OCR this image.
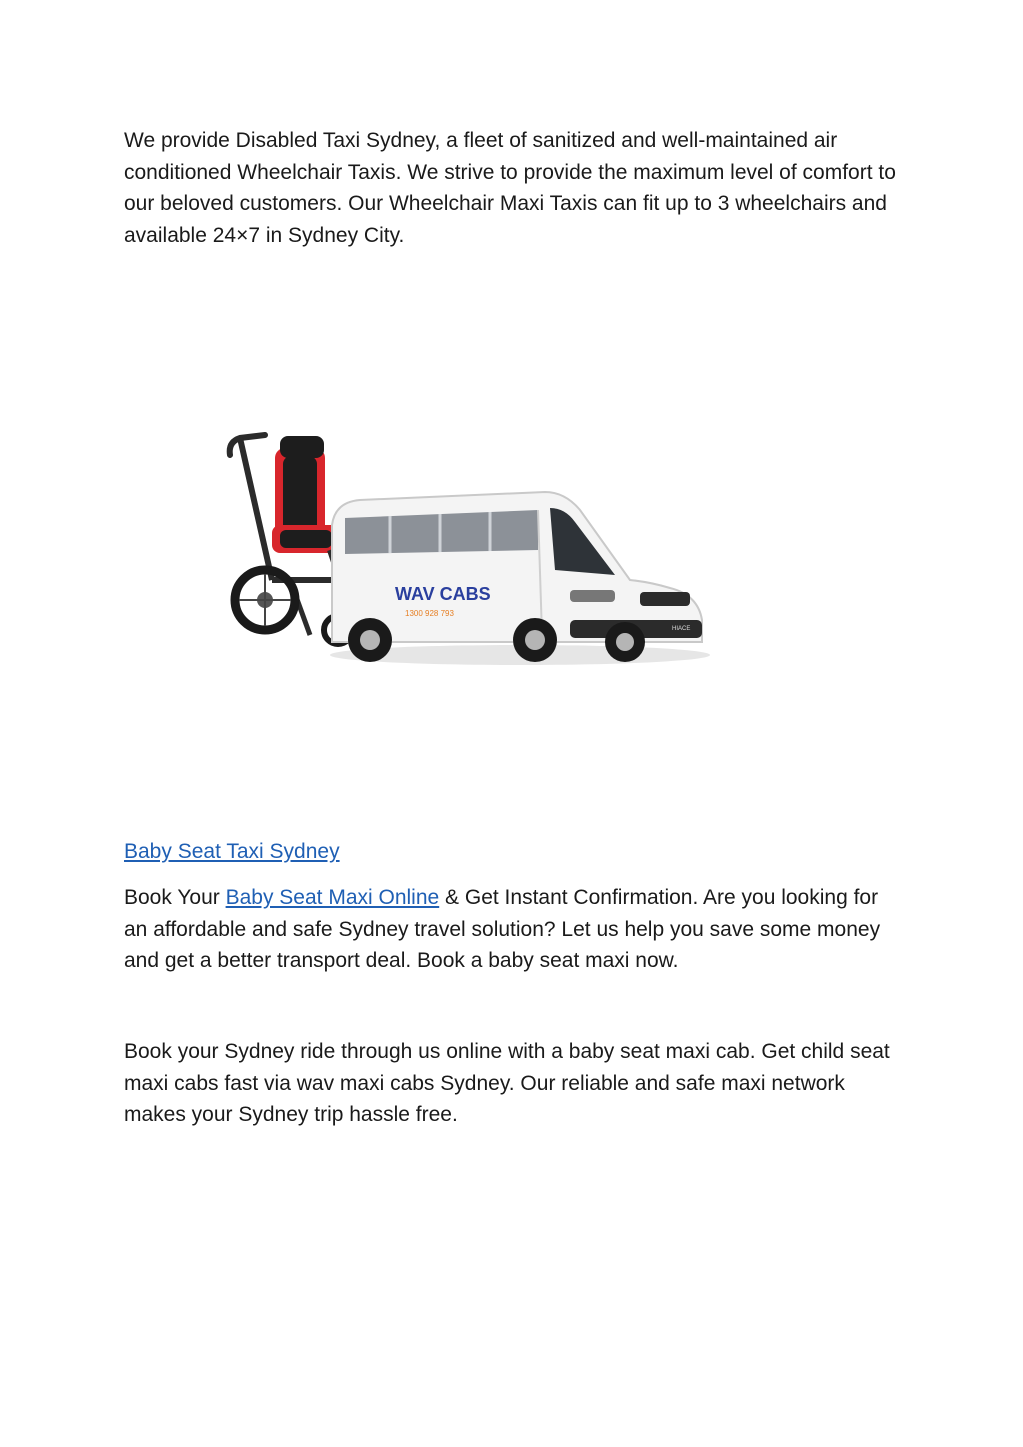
We provide Disabled Taxi Sydney, a fleet of sanitized and well-maintained air conditioned Wheelchair Taxis. We strive to provide the maximum level of comfort to our beloved customers. Our Wheelchair Maxi Taxis can fit up to 3 wheelchairs and available 24×7 in Sydney City.

WAV CABS
1300 928 793
HIACE
Baby Seat Taxi Sydney

Book Your Baby Seat Maxi Online & Get Instant Confirmation. Are you looking for an affordable and safe Sydney travel solution? Let us help you save some money and get a better transport deal. Book a baby seat maxi now.

Book your Sydney ride through us online with a baby seat maxi cab. Get child seat maxi cabs fast via wav maxi cabs Sydney. Our reliable and safe maxi network makes your Sydney trip hassle free.
